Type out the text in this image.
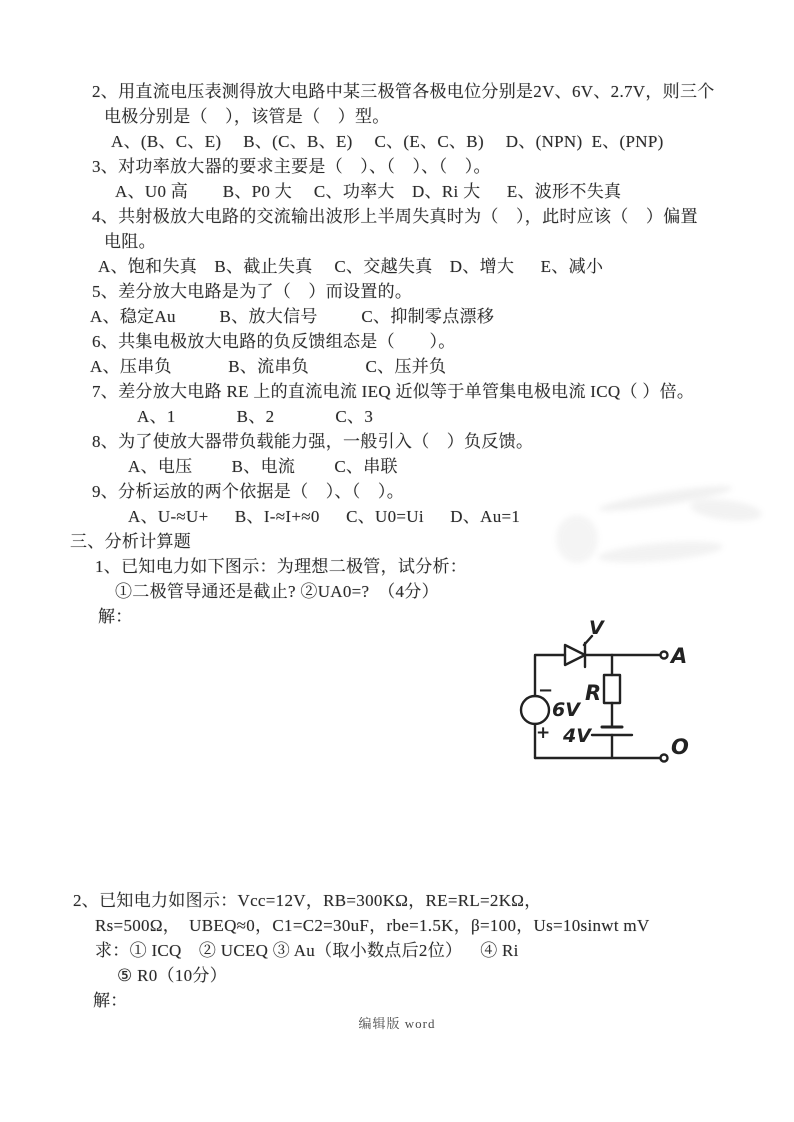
2、用直流电压表测得放大电路中某三极管各极电位分别是2V、6V、2.7V，则三个
电极分别是（　），该管是（　）型。
A、(B、C、E)　 B、(C、B、E)　 C、(E、C、B)　 D、(NPN)  E、(PNP)
3、对功率放大器的要求主要是（　）、（　）、（　）。
A、U0 高　　B、P0 大　 C、功率大　D、Ri 大　  E、波形不失真
4、共射极放大电路的交流输出波形上半周失真时为（　），此时应该（　）偏置
电阻。
A、饱和失真　B、截止失真　 C、交越失真　D、增大　  E、减小
5、差分放大电路是为了（　）而设置的。
A、稳定Au　　  B、放大信号　　  C、抑制零点漂移
6、共集电极放大电路的负反馈组态是（　　）。
A、压串负　　　 B、流串负　　　 C、压并负
7、差分放大电路 RE 上的直流电流 IEQ 近似等于单管集电极电流 ICQ（ ）倍。
A、1　　　  B、2　　　  C、3
8、为了使放大器带负载能力强，一般引入（　）负反馈。
A、电压　　 B、电流　　 C、串联
9、分析运放的两个依据是（　）、（　）。
A、U-≈U+　  B、I-≈I+≈0　  C、U0=Ui　  D、Au=1
三、分析计算题
1、已知电力如下图示：为理想二极管，试分析：
①二极管导通还是截止? ②UA0=?　（4分）
解：
V
−
+
6V
R
4V
A
O
2、已知电力如图示：Vcc=12V，RB=300KΩ，RE=RL=2KΩ，
Rs=500Ω，  UBEQ≈0，C1=C2=30uF，rbe=1.5K，β=100，Us=10sinwt mV
求：① ICQ　② UCEQ ③ Au（取小数点后2位）　  ④ Ri
⑤ R0（10分）
解：
编辑版 word
